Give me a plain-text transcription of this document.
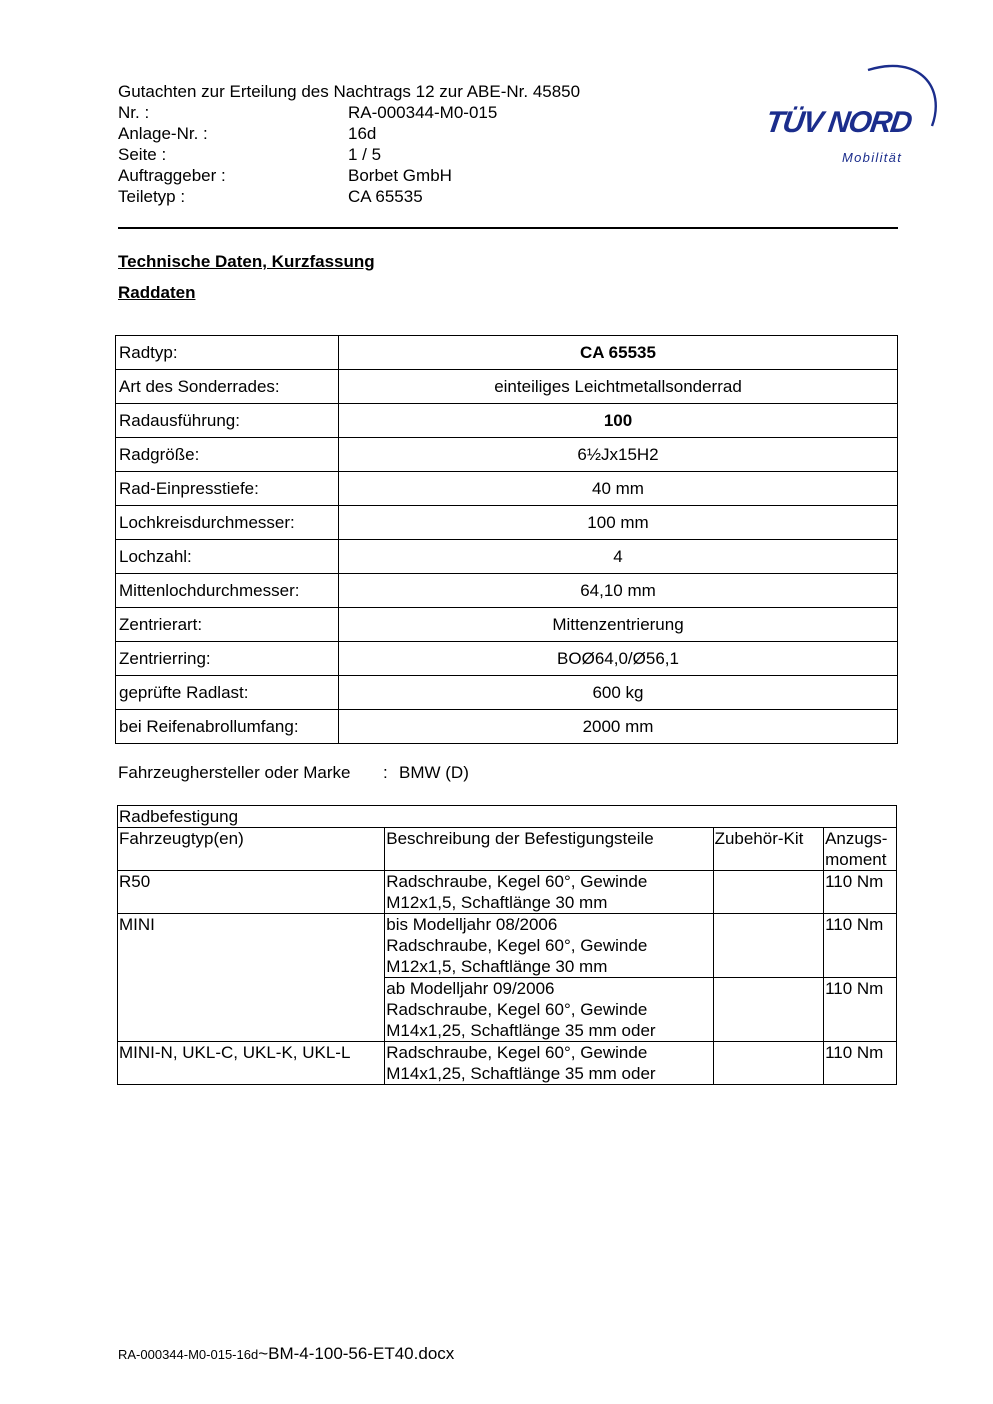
Gutachten zur Erteilung des Nachtrags 12 zur ABE-Nr. 45850
Nr. :	RA-000344-M0-015
Anlage-Nr. :	16d
Seite :	1 / 5
Auftraggeber :	Borbet GmbH
Teiletyp :	CA 65535
TÜV NORD
Mobilität
Technische Daten, Kurzfassung
Raddaten
Radtyp:	CA 65535
Art des Sonderrades:	einteiliges Leichtmetallsonderrad
Radausführung:	100
Radgröße:	6½Jx15H2
Rad-Einpresstiefe:	40 mm
Lochkreisdurchmesser:	100 mm
Lochzahl:	4
Mittenlochdurchmesser:	64,10 mm
Zentrierart:	Mittenzentrierung
Zentrierring:	BOØ64,0/Ø56,1
geprüfte Radlast:	600 kg
bei Reifenabrollumfang:	2000 mm
Fahrzeughersteller oder Marke : BMW (D)
Radbefestigung			
Fahrzeugtyp(en)	Beschreibung der Befestigungsteile	Zubehör-Kit	Anzugs-
moment

R50	Radschraube, Kegel 60°, Gewinde
M12x1,5, Schaftlänge 30 mm		110 Nm
MINI	bis Modelljahr 08/2006
Radschraube, Kegel 60°, Gewinde
M12x1,5, Schaftlänge 30 mm		110 Nm

	ab Modelljahr 09/2006
Radschraube, Kegel 60°, Gewinde
M14x1,25, Schaftlänge 35 mm oder		110 Nm
MINI-N, UKL-C, UKL-K, UKL-L	Radschraube, Kegel 60°, Gewinde
M14x1,25, Schaftlänge 35 mm oder		110 Nm
RA-000344-M0-015-16d~BM-4-100-56-ET40.docx
